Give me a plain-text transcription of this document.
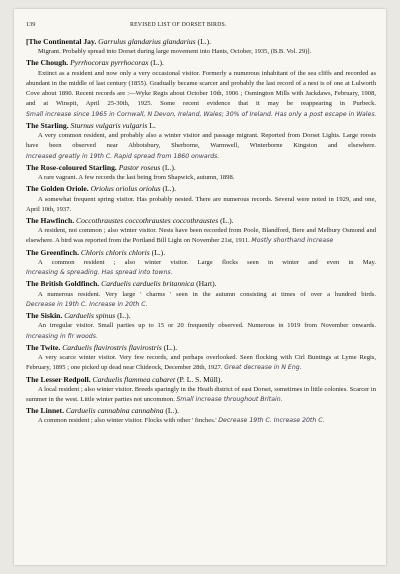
139	REVISED LIST OF DORSET BIRDS.
[The Continental Jay. Garrulus glandarius glandarius (L.).
Migrant. Probably spread into Dorset during large movement into Hants, October, 1935, (B.B. Vol. 29)].
The Chough. Pyrrhocorax pyrrhocorax (L.).
Extinct as a resident and now only a very occasional visitor. Formerly a numerous inhabitant of the sea cliffs and recorded as abundant in the middle of last century (1855). Gradually became scarcer and probably the last record of a nest is of one at Lulworth Cove about 1890. Recent records are :—Wyke Regis about October 10th, 1906 ; Osmington Mills with Jackdaws, February, 1908, and at Winspit, April 25-30th, 1925. Some recent evidence that it may be reappearing in Purbeck. Small increase since 1965 in Cornwall, N Devon, Ireland, Wales; 30% of Ireland. Has only a post escape in Wales.
The Starling. Sturnus vulgaris vulgaris L.
A very common resident, and probably also a winter visitor and passage migrant. Reported from Dorset Lights. Large roosts have been observed near Abbotsbury, Sherborne, Warmwell, Winterborne Kingston and elsewhere. Increased greatly in 19th C. Rapid spread from 1860 onwards.
The Rose-coloured Starling. Pastor roseus (L.).
A rare vagrant. A few records the last being from Shapwick, autumn, 1898.
The Golden Oriole. Oriolus oriolus oriolus (L.).
A somewhat frequent spring visitor. Has probably nested. There are numerous records. Several were noted in 1929, and one, April 10th, 1937.
The Hawfinch. Coccothraustes coccothraustes coccothraustes (L.).
A resident, not common ; also winter visitor. Nests have been recorded from Poole, Blandford, Bere and Melbury Osmond and elsewhere. A bird was reported from the Portland Bill Light on November 21st, 1911. Mostly shorthand increase
The Greenfinch. Chloris chloris chloris (L.).
A common resident ; also winter visitor. Large flocks seen in winter and even in May. Increasing & spreading. Has spread into towns.
The British Goldfinch. Carduelis carduelis britannica (Hart).
A numerous resident. Very large ' charms ' seen in the autumn consisting at times of over a hundred birds. Decrease in 19th C. Increase in 20th C.
The Siskin. Carduelis spinus (L.).
An irregular visitor. Small parties up to 15 or 20 frequently observed. Numerous in 1919 from November onwards. Increasing in fir woods.
The Twite. Carduelis flavirostris flavirostris (L.).
A very scarce winter visitor. Very few records, and perhaps overlooked. Seen flocking with Cirl Buntings at Lyme Regis, February, 1895 ; one picked up dead near Chideock, December 28th, 1927. Great decrease in N Eng.
The Lesser Redpoll. Carduelis flammea cabaret (P. L. S. Müll).
A local resident ; also winter visitor. Breeds sparingly in the Heath district of east Dorset, sometimes in little colonies. Scarcer in summer in the west. Little winter parties not uncommon. Small increase throughout Britain.
The Linnet. Carduelis cannabina cannabina (L.).
A common resident ; also winter visitor. Flocks with other ' finches.' Decrease 19th C. Increase 20th C.
